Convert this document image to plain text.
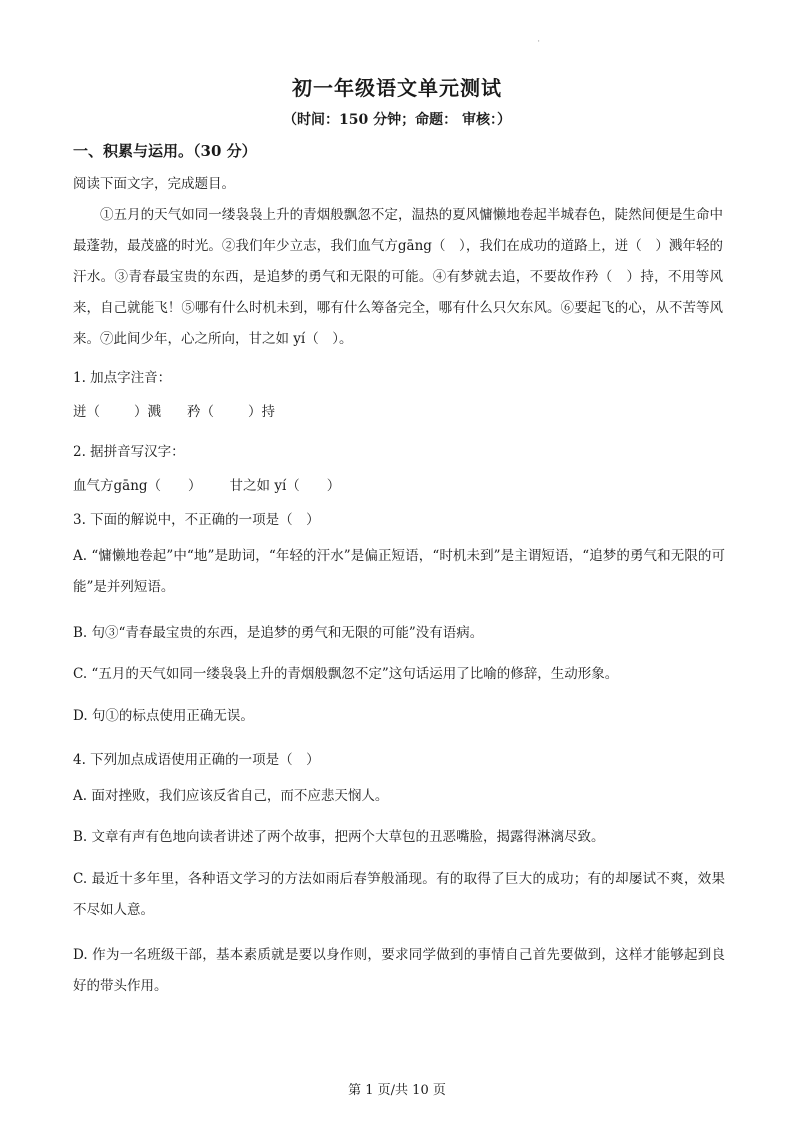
'
初一年级语文单元测试
（时间：150 分钟；命题： 审核：）
一、积累与运用。（30 分）
阅读下面文字，完成题目。
①五月的天气如同一缕袅袅上升的青烟般飘忽不定，温热的夏风慵懒地卷起半城春色，陡然间便是生命中最蓬勃，最茂盛的时光。②我们年少立志，我们血气方gāng（　），我们在成功的道路上，迸（　）溅年轻的汗水。③青春最宝贵的东西，是追梦的勇气和无限的可能。④有梦就去追，不要故作矜（　）持，不用等风来，自己就能飞！⑤哪有什么时机未到，哪有什么筹备完全，哪有什么只欠东风。⑥要起飞的心，从不苦等风来。⑦此间少年，心之所向，甘之如 yí（　）。
1. 加点字注音：
迸（	）溅 矜（	）持
2. 据拼音写汉字：
血气方gāng（　　） 甘之如 yí（　　）
3. 下面的解说中，不正确的一项是（　）
A. “慵懒地卷起”中“地”是助词，“年轻的汗水”是偏正短语，“时机未到”是主谓短语，“追梦的勇气和无限的可能”是并列短语。
B. 句③“青春最宝贵的东西，是追梦的勇气和无限的可能”没有语病。
C. “五月的天气如同一缕袅袅上升的青烟般飘忽不定”这句话运用了比喻的修辞，生动形象。
D. 句①的标点使用正确无误。
4. 下列加点成语使用正确的一项是（　）
A. 面对挫败，我们应该反省自己，而不应悲天悯人。
B. 文章有声有色地向读者讲述了两个故事，把两个大草包的丑恶嘴脸，揭露得淋漓尽致。
C. 最近十多年里，各种语文学习的方法如雨后春笋般涌现。有的取得了巨大的成功；有的却屡试不爽，效果不尽如人意。
D. 作为一名班级干部，基本素质就是要以身作则，要求同学做到的事情自己首先要做到，这样才能够起到良好的带头作用。
第 1 页/共 10 页
